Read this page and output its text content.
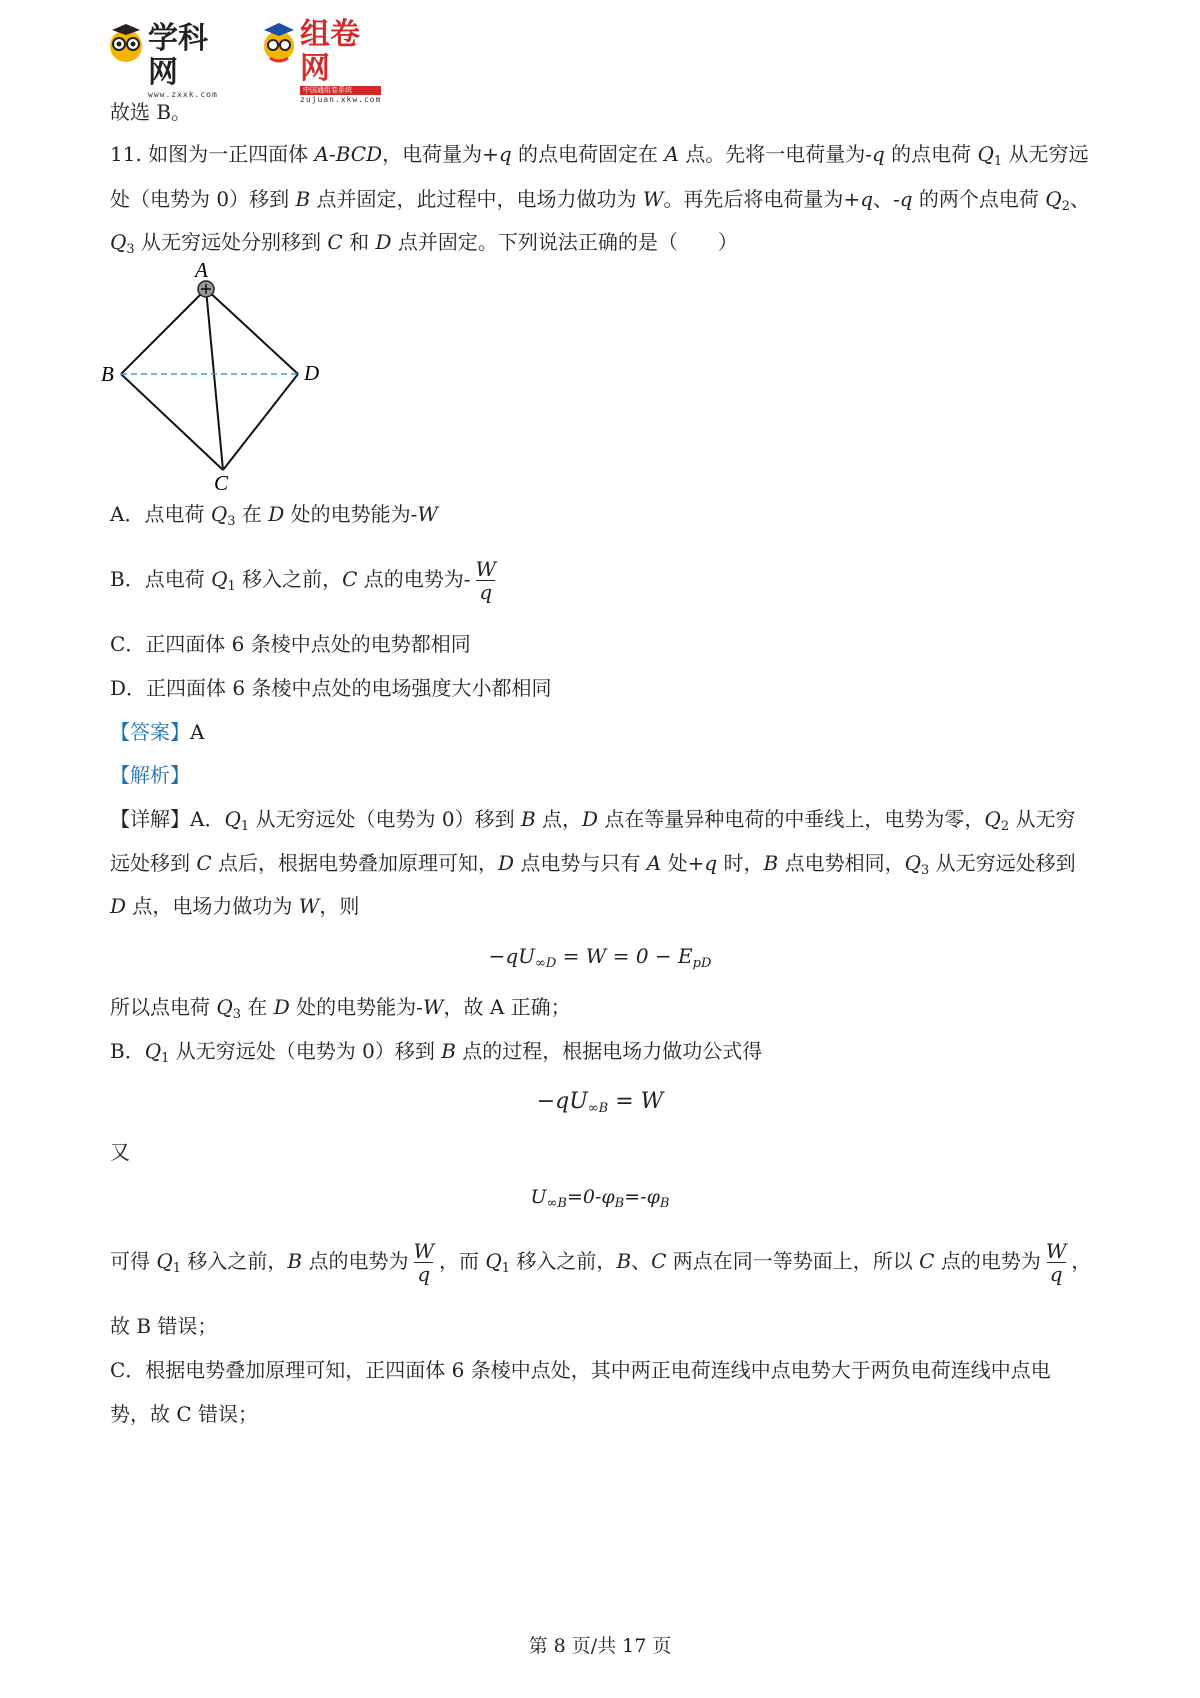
学科网
www.zxxk.com
组卷网
中国通组卷系统
zujuan.xkw.com
故选 B。
11. 如图为一正四面体 A-BCD，电荷量为+q 的点电荷固定在 A 点。先将一电荷量为-q 的点电荷 $Q_1$ 从无穷远
处（电势为 0）移到 B 点并固定，此过程中，电场力做功为 W。再先后将电荷量为+q、-q 的两个点电荷 $Q_2$、
$Q_3$ 从无穷远处分别移到 C 和 D 点并固定。下列说法正确的是（　　）
A
B	D
C
A．点电荷 $Q_3$ 在 D 处的电势能为-W
B．点电荷 $Q_1$ 移入之前，C 点的电势为- $\frac{W}{q}$
C．正四面体 6 条棱中点处的电势都相同
D．正四面体 6 条棱中点处的电场强度大小都相同
【答案】A
【解析】
【详解】A．$Q_1$ 从无穷远处（电势为 0）移到 B 点，D 点在等量异种电荷的中垂线上，电势为零，$Q_2$ 从无穷
远处移到 C 点后，根据电势叠加原理可知，D 点电势与只有 A 处+q 时，B 点电势相同，$Q_3$ 从无穷远处移到
D 点，电场力做功为 W，则
$-qU_{\infty D} = W = 0 - E_{pD}$
所以点电荷 $Q_3$ 在 D 处的电势能为-W，故 A 正确；
B．$Q_1$ 从无穷远处（电势为 0）移到 B 点的过程，根据电场力做功公式得
$-qU_{\infty B} = W$
又
$U_{\infty B}=0-\varphi_B=-\varphi_B$
可得 $Q_1$ 移入之前，B 点的电势为 $\frac{W}{q}$ ，而 $Q_1$ 移入之前，B、C 两点在同一等势面上，所以 C 点的电势为 $\frac{W}{q}$ ，
故 B 错误；
C．根据电势叠加原理可知，正四面体 6 条棱中点处，其中两正电荷连线中点电势大于两负电荷连线中点电
势，故 C 错误；
第 8 页/共 17 页
